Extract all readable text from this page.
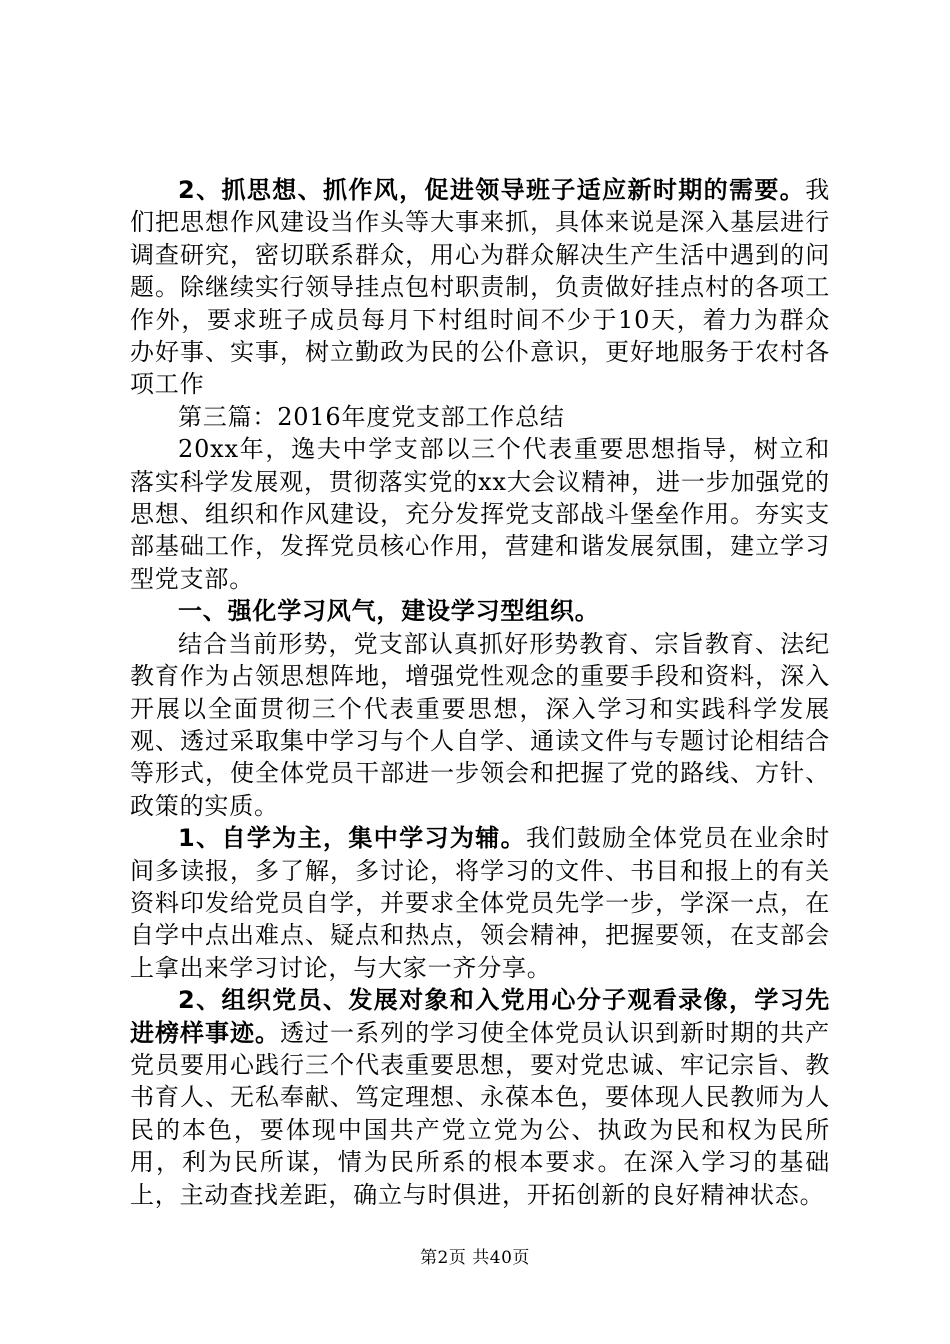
2、抓思想、抓作风，促进领导班子适应新时期的需要。我们把思想作风建设当作头等大事来抓，具体来说是深入基层进行调查研究，密切联系群众，用心为群众解决生产生活中遇到的问题。除继续实行领导挂点包村职责制，负责做好挂点村的各项工作外，要求班子成员每月下村组时间不少于10天，着力为群众办好事、实事，树立勤政为民的公仆意识，更好地服务于农村各项工作

第三篇：2016年度党支部工作总结

20xx年，逸夫中学支部以三个代表重要思想指导，树立和落实科学发展观，贯彻落实党的xx大会议精神，进一步加强党的思想、组织和作风建设，充分发挥党支部战斗堡垒作用。夯实支部基础工作，发挥党员核心作用，营建和谐发展氛围，建立学习型党支部。

一、强化学习风气，建设学习型组织。

结合当前形势，党支部认真抓好形势教育、宗旨教育、法纪教育作为占领思想阵地，增强党性观念的重要手段和资料，深入开展以全面贯彻三个代表重要思想，深入学习和实践科学发展观、透过采取集中学习与个人自学、通读文件与专题讨论相结合等形式，使全体党员干部进一步领会和把握了党的路线、方针、政策的实质。

1、自学为主，集中学习为辅。我们鼓励全体党员在业余时间多读报，多了解，多讨论，将学习的文件、书目和报上的有关资料印发给党员自学，并要求全体党员先学一步，学深一点，在自学中点出难点、疑点和热点，领会精神，把握要领，在支部会上拿出来学习讨论，与大家一齐分享。

2、组织党员、发展对象和入党用心分子观看录像，学习先进榜样事迹。透过一系列的学习使全体党员认识到新时期的共产党员要用心践行三个代表重要思想，要对党忠诚、牢记宗旨、教书育人、无私奉献、笃定理想、永葆本色，要体现人民教师为人民的本色，要体现中国共产党立党为公、执政为民和权为民所用，利为民所谋，情为民所系的根本要求。在深入学习的基础上，主动查找差距，确立与时俱进，开拓创新的良好精神状态。

第2页 共40页
